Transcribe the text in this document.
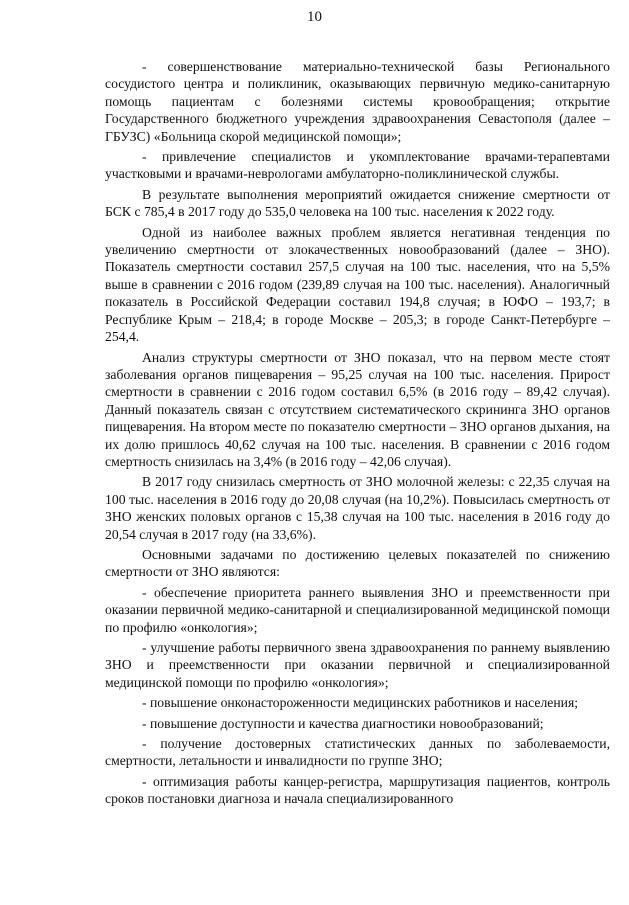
10

- совершенствование материально-технической базы Регионального сосудистого центра и поликлиник, оказывающих первичную медико-санитарную помощь пациентам с болезнями системы кровообращения; открытие Государственного бюджетного учреждения здравоохранения Севастополя (далее – ГБУЗС) «Больница скорой медицинской помощи»;

- привлечение специалистов и укомплектование врачами-терапевтами участковыми и врачами-неврологами амбулаторно-поликлинической службы.

В результате выполнения мероприятий ожидается снижение смертности от БСК с 785,4 в 2017 году до 535,0 человека на 100 тыс. населения к 2022 году.

Одной из наиболее важных проблем является негативная тенденция по увеличению смертности от злокачественных новообразований (далее – ЗНО). Показатель смертности составил 257,5 случая на 100 тыс. населения, что на 5,5% выше в сравнении с 2016 годом (239,89 случая на 100 тыс. населения). Аналогичный показатель в Российской Федерации составил 194,8 случая; в ЮФО – 193,7; в Республике Крым – 218,4; в городе Москве – 205,3; в городе Санкт-Петербурге – 254,4.

Анализ структуры смертности от ЗНО показал, что на первом месте стоят заболевания органов пищеварения – 95,25 случая на 100 тыс. населения. Прирост смертности в сравнении с 2016 годом составил 6,5% (в 2016 году – 89,42 случая). Данный показатель связан с отсутствием систематического скрининга ЗНО органов пищеварения. На втором месте по показателю смертности – ЗНО органов дыхания, на их долю пришлось 40,62 случая на 100 тыс. населения. В сравнении с 2016 годом смертность снизилась на 3,4% (в 2016 году – 42,06 случая).

В 2017 году снизилась смертность от ЗНО молочной железы: с 22,35 случая на 100 тыс. населения в 2016 году до 20,08 случая (на 10,2%). Повысилась смертность от ЗНО женских половых органов с 15,38 случая на 100 тыс. населения в 2016 году до 20,54 случая в 2017 году (на 33,6%).

Основными задачами по достижению целевых показателей по снижению смертности от ЗНО являются:

- обеспечение приоритета раннего выявления ЗНО и преемственности при оказании первичной медико-санитарной и специализированной медицинской помощи по профилю «онкология»;

- улучшение работы первичного звена здравоохранения по раннему выявлению ЗНО и преемственности при оказании первичной и специализированной медицинской помощи по профилю «онкология»;

- повышение онконастороженности медицинских работников и населения;

- повышение доступности и качества диагностики новообразований;

- получение достоверных статистических данных по заболеваемости, смертности, летальности и инвалидности по группе ЗНО;

- оптимизация работы канцер-регистра, маршрутизация пациентов, контроль сроков постановки диагноза и начала специализированного
